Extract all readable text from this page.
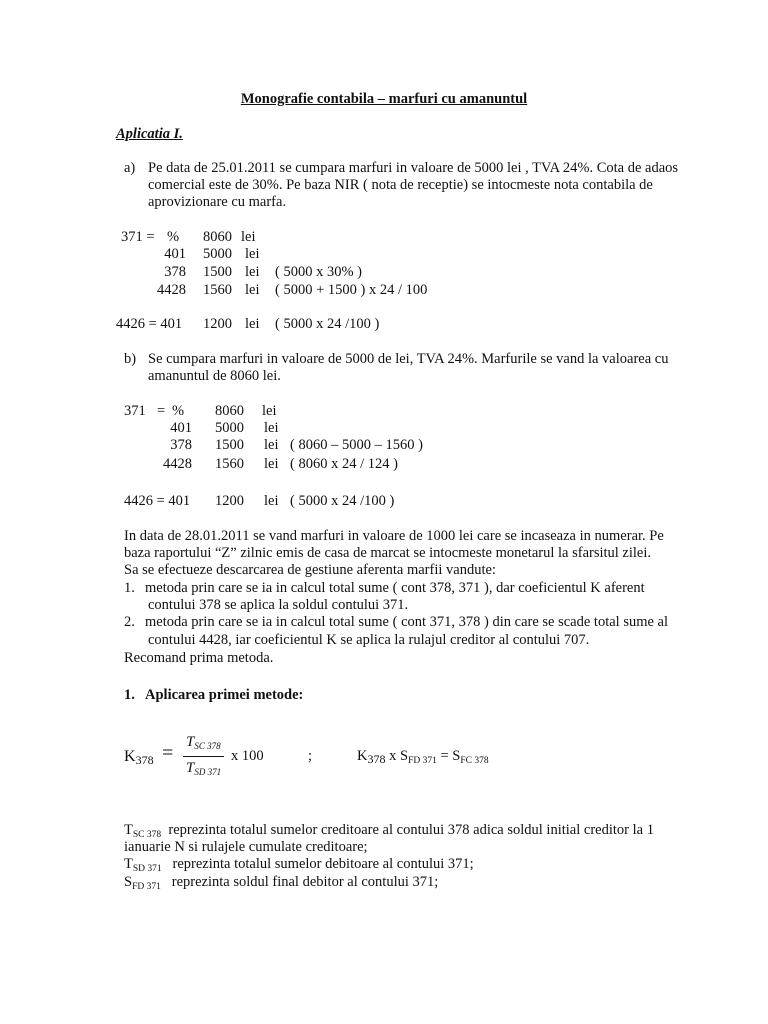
Monografie contabila – marfuri cu amanuntul
Aplicatia I.
a) Pe data de 25.01.2011 se cumpara marfuri in valoare de 5000 lei , TVA 24%. Cota de adaos
comercial este de 30%. Pe baza NIR ( nota de receptie) se intocmeste nota contabila de
aprovizionare cu marfa.
371 = %	8060 lei
401	5000 lei
378	1500 lei ( 5000 x 30% )
4428	1560 lei ( 5000 + 1500 ) x 24 / 100
4426 = 401	1200 lei ( 5000 x 24 /100 )
b) Se cumpara marfuri in valoare de 5000 de lei, TVA 24%. Marfurile se vand la valoarea cu
amanuntul de 8060 lei.
371 = %	8060 lei
401	5000 lei
378	1500 lei ( 8060 – 5000 – 1560 )
4428	1560 lei ( 8060 x 24 / 124 )
4426 = 401	1200 lei ( 5000 x 24 /100 )
In data de 28.01.2011 se vand marfuri in valoare de 1000 lei care se incaseaza in numerar. Pe
baza raportului “Z” zilnic emis de casa de marcat se intocmeste monetarul la sfarsitul zilei.
Sa se efectueze descarcarea de gestiune aferenta marfii vandute:
1. metoda prin care se ia in calcul total sume ( cont 378, 371 ), dar coeficientul K aferent
contului 378 se aplica la soldul contului 371.
2. metoda prin care se ia in calcul total sume ( cont 371, 378 ) din care se scade total sume al
contului 4428, iar coeficientul K se aplica la rulajul creditor al contului 707.
Recomand prima metoda.
1. Aplicarea primei metode:
$K_{378} = T_{SC 378}$
$T_{SD 371}$
x 100	;	$K_{378}$ x $S_{FD 371} = S_{FC 378}$
$T_{SC 378}$ reprezinta totalul sumelor creditoare al contului 378 adica soldul initial creditor la 1
ianuarie N si rulajele cumulate creditoare;
$T_{SD 371}$ reprezinta totalul sumelor debitoare al contului 371;
$S_{FD 371}$ reprezinta soldul final debitor al contului 371;
